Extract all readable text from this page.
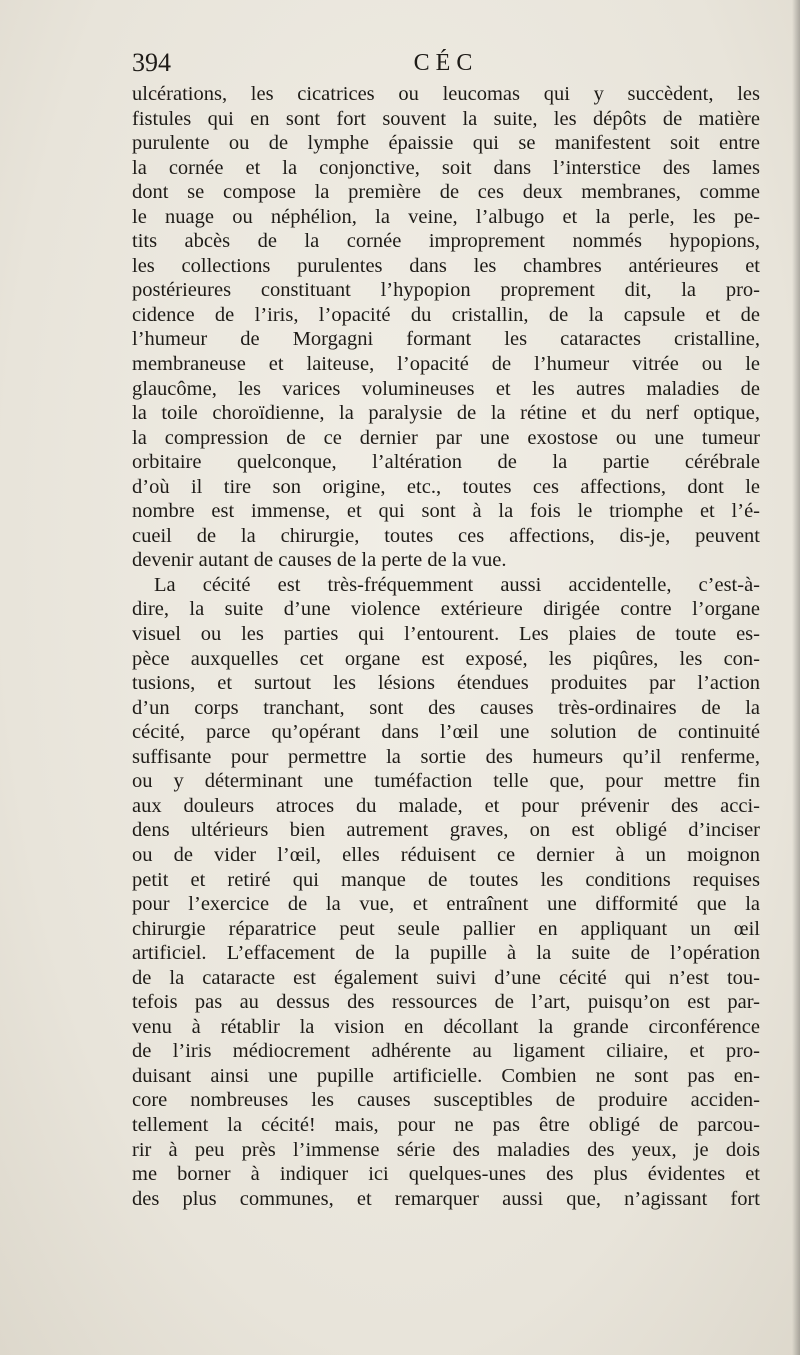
394	CÉC
ulcérations, les cicatrices ou leucomas qui y succèdent, les
fistules qui en sont fort souvent la suite, les dépôts de matière
purulente ou de lymphe épaissie qui se manifestent soit entre
la cornée et la conjonctive, soit dans l’interstice des lames
dont se compose la première de ces deux membranes, comme
le nuage ou néphélion, la veine, l’albugo et la perle, les pe-
tits abcès de la cornée improprement nommés hypopions,
les collections purulentes dans les chambres antérieures et
postérieures constituant l’hypopion proprement dit, la pro-
cidence de l’iris, l’opacité du cristallin, de la capsule et de
l’humeur de Morgagni formant les cataractes cristalline,
membraneuse et laiteuse, l’opacité de l’humeur vitrée ou le
glaucôme, les varices volumineuses et les autres maladies de
la toile choroïdienne, la paralysie de la rétine et du nerf optique,
la compression de ce dernier par une exostose ou une tumeur
orbitaire quelconque, l’altération de la partie cérébrale
d’où il tire son origine, etc., toutes ces affections, dont le
nombre est immense, et qui sont à la fois le triomphe et l’é-
cueil de la chirurgie, toutes ces affections, dis-je, peuvent
devenir autant de causes de la perte de la vue.
La cécité est très-fréquemment aussi accidentelle, c’est-à-
dire, la suite d’une violence extérieure dirigée contre l’organe
visuel ou les parties qui l’entourent. Les plaies de toute es-
pèce auxquelles cet organe est exposé, les piqûres, les con-
tusions, et surtout les lésions étendues produites par l’action
d’un corps tranchant, sont des causes très-ordinaires de la
cécité, parce qu’opérant dans l’œil une solution de continuité
suffisante pour permettre la sortie des humeurs qu’il renferme,
ou y déterminant une tuméfaction telle que, pour mettre fin
aux douleurs atroces du malade, et pour prévenir des acci-
dens ultérieurs bien autrement graves, on est obligé d’inciser
ou de vider l’œil, elles réduisent ce dernier à un moignon
petit et retiré qui manque de toutes les conditions requises
pour l’exercice de la vue, et entraînent une difformité que la
chirurgie réparatrice peut seule pallier en appliquant un œil
artificiel. L’effacement de la pupille à la suite de l’opération
de la cataracte est également suivi d’une cécité qui n’est tou-
tefois pas au dessus des ressources de l’art, puisqu’on est par-
venu à rétablir la vision en décollant la grande circonférence
de l’iris médiocrement adhérente au ligament ciliaire, et pro-
duisant ainsi une pupille artificielle. Combien ne sont pas en-
core nombreuses les causes susceptibles de produire acciden-
tellement la cécité! mais, pour ne pas être obligé de parcou-
rir à peu près l’immense série des maladies des yeux, je dois
me borner à indiquer ici quelques-unes des plus évidentes et
des plus communes, et remarquer aussi que, n’agissant fort
